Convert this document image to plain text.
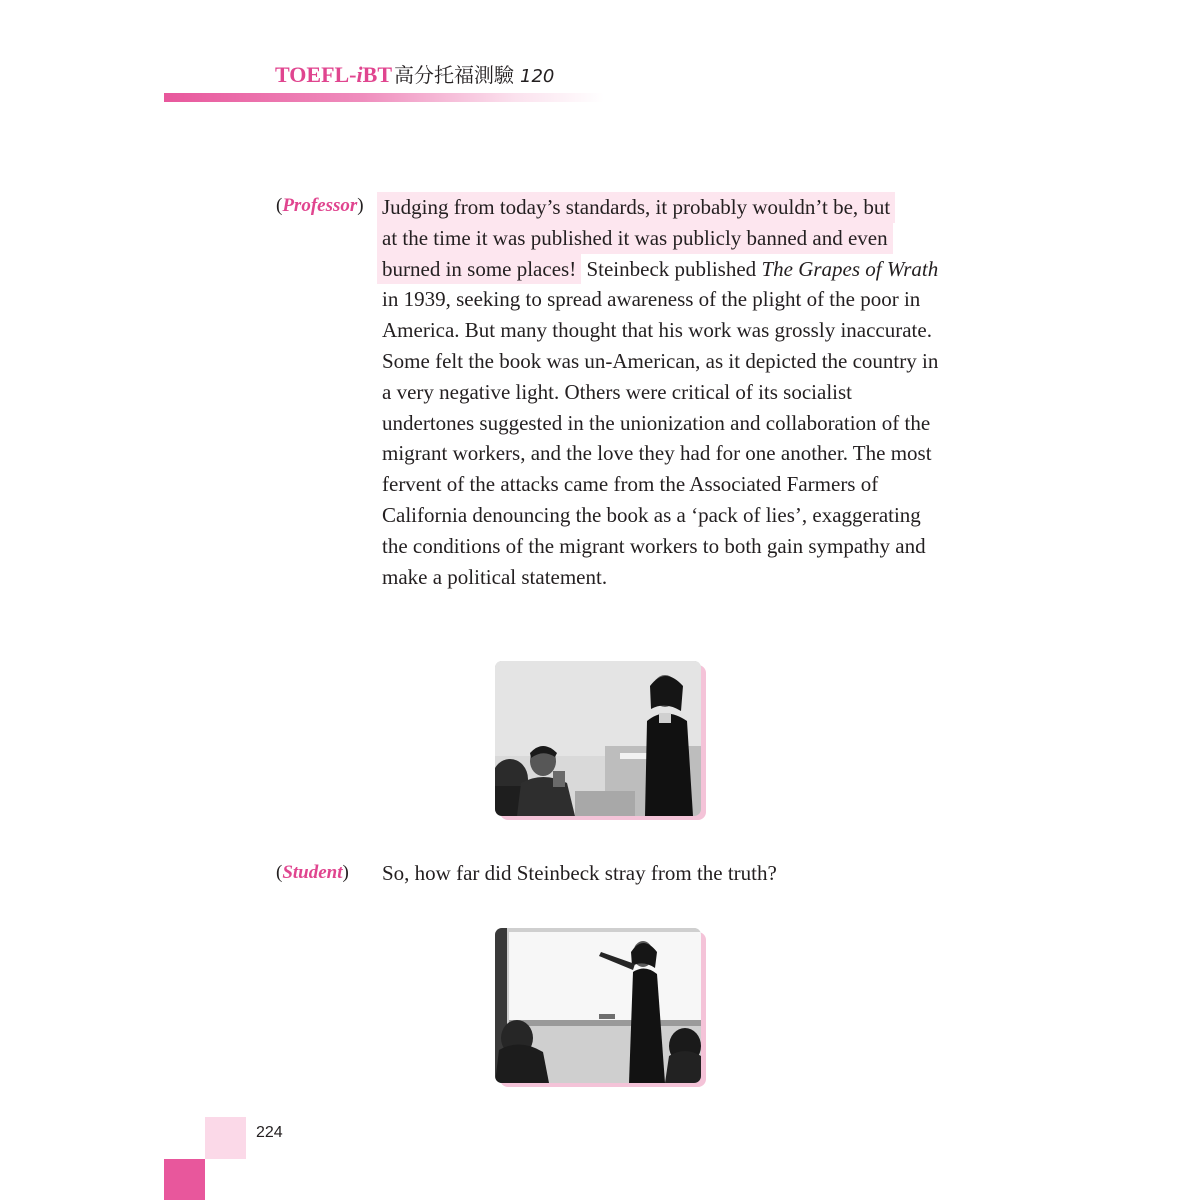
TOEFL-iBT 高分托福測驗 120
(Professor) Judging from today’s standards, it probably wouldn’t be, but
at the time it was published it was publicly banned and even
burned in some places! Steinbeck published The Grapes of Wrath in 1939, seeking to spread awareness of the plight of the poor in America. But many thought that his work was grossly inaccurate. Some felt the book was un-American, as it depicted the country in a very negative light. Others were critical of its socialist undertones suggested in the unionization and collaboration of the migrant workers, and the love they had for one another. The most fervent of the attacks came from the Associated Farmers of California denouncing the book as a ‘pack of lies’, exaggerating the conditions of the migrant workers to both gain sympathy and make a political statement.
(Student) So, how far did Steinbeck stray from the truth?
224
